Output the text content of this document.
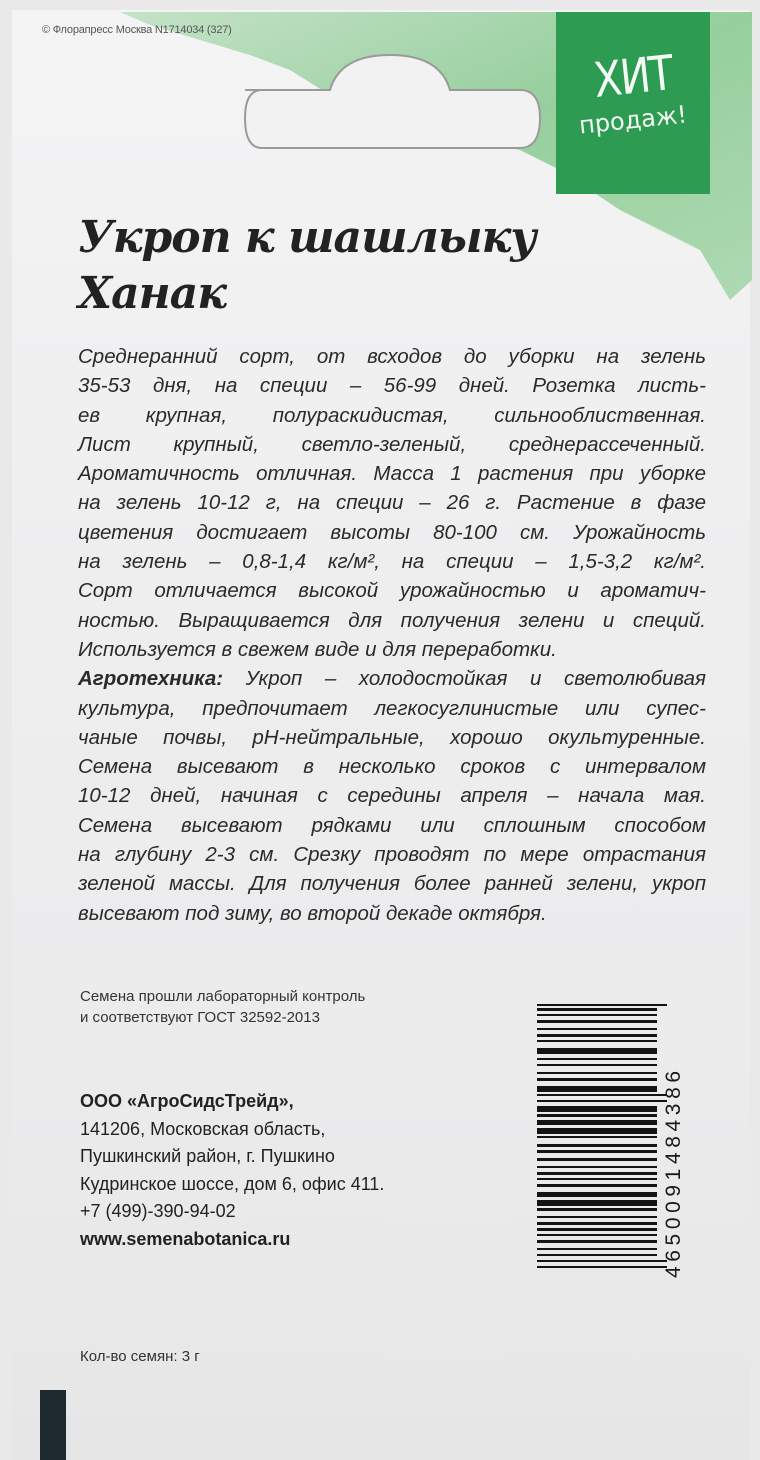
© Флорапресс Москва N1714034 (327)
ХИТ
продаж!
Укроп к шашлыку
Ханак
Среднеранний сорт, от всходов до уборки на зелень
35-53 дня, на специи – 56-99 дней. Розетка листь-
ев крупная, полураскидистая, сильнооблиственная.
Лист крупный, светло-зеленый, среднерассеченный.
Ароматичность отличная. Масса 1 растения при уборке
на зелень 10-12 г, на специи – 26 г. Растение в фазе
цветения достигает высоты 80-100 см. Урожайность
на зелень – 0,8-1,4 кг/м², на специи – 1,5-3,2 кг/м².
Сорт отличается высокой урожайностью и ароматич-
ностью. Выращивается для получения зелени и специй.
Используется в свежем виде и для переработки.
Агротехника: Укроп – холодостойкая и светолюбивая
культура, предпочитает легкосуглинистые или супес-
чаные почвы, pH-нейтральные, хорошо окультуренные.
Семена высевают в несколько сроков с интервалом
10-12 дней, начиная с середины апреля – начала мая.
Семена высевают рядками или сплошным способом
на глубину 2-3 см. Срезку проводят по мере отрастания
зеленой массы. Для получения более ранней зелени, укроп
высевают под зиму, во второй декаде октября.
Семена прошли лабораторный контроль
и соответствуют ГОСТ 32592-2013
ООО «АгроСидсТрейд»,
141206, Московская область,
Пушкинский район, г. Пушкино
Кудринское шоссе, дом 6, офис 411.
+7 (499)-390-94-02
www.semenabotanica.ru	4650091484386
Кол-во семян: 3 г
